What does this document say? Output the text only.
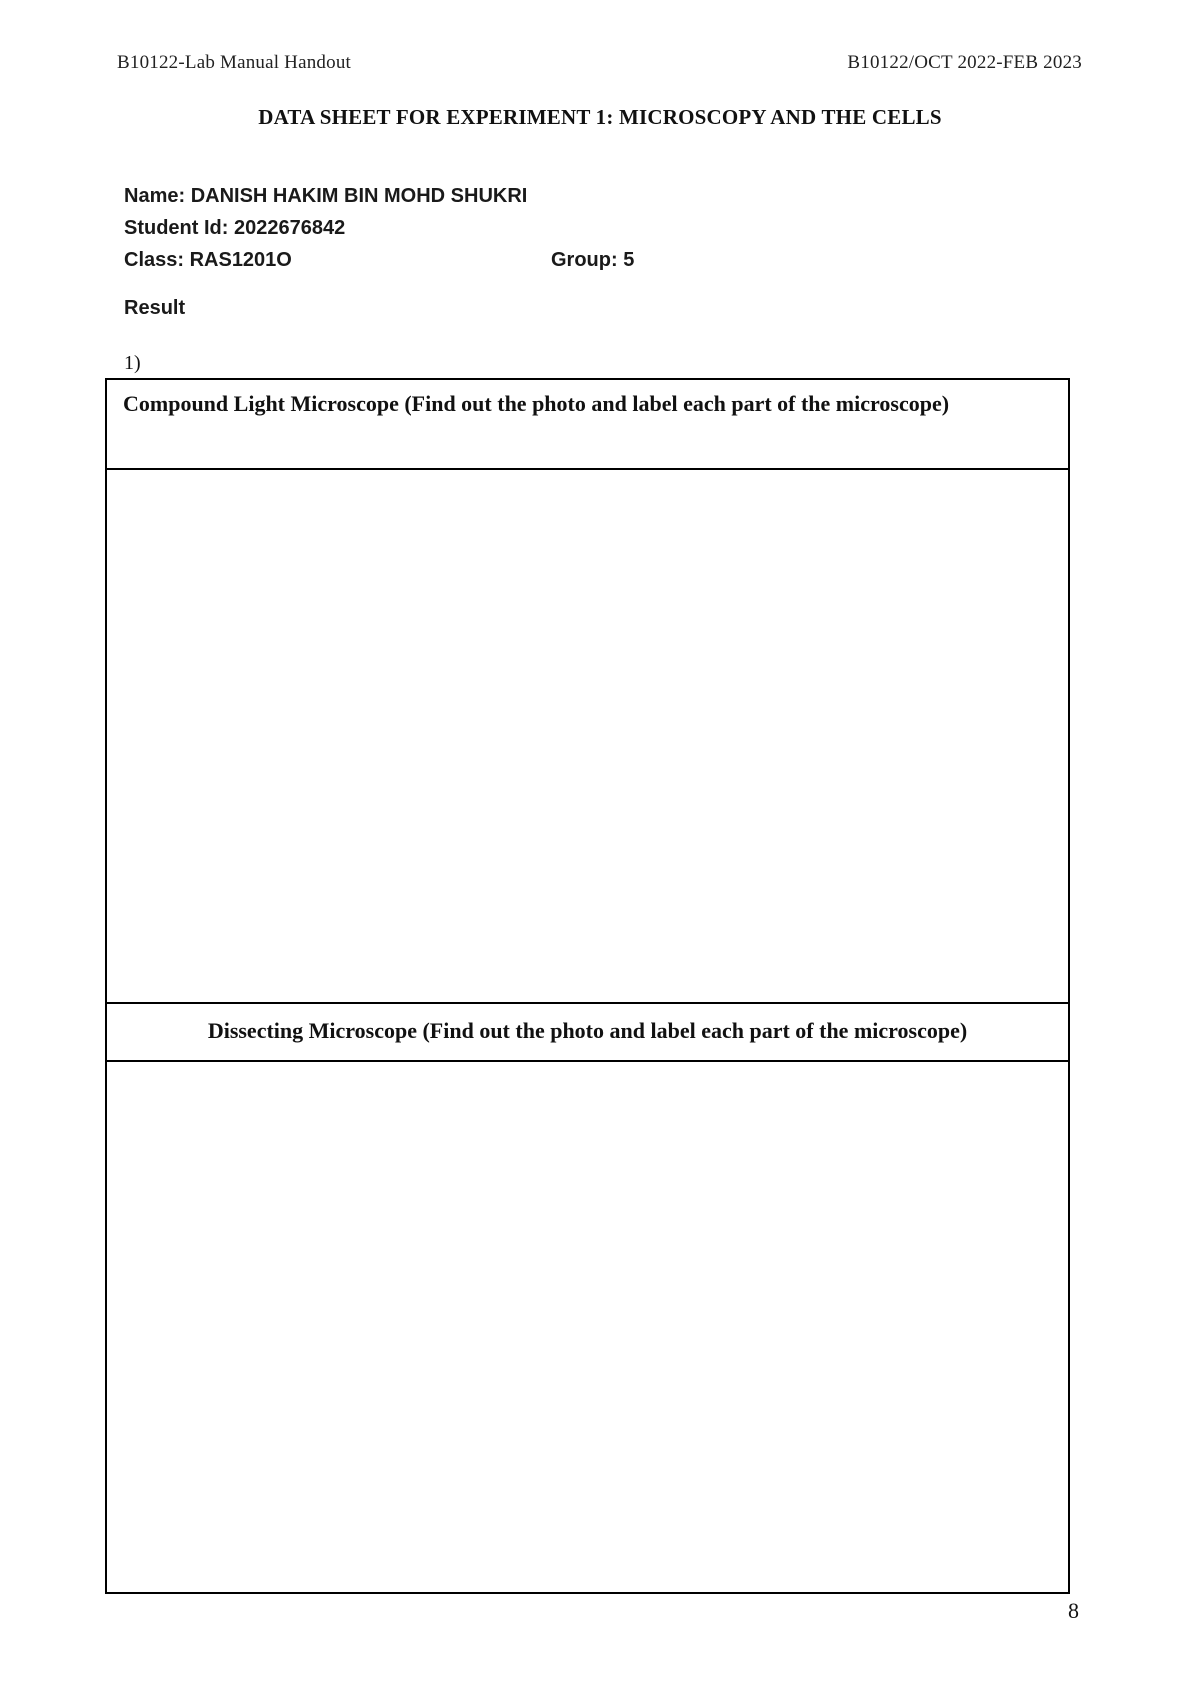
B10122-Lab Manual Handout	B10122/OCT 2022-FEB 2023
DATA SHEET FOR EXPERIMENT 1: MICROSCOPY AND THE CELLS
Name: DANISH HAKIM BIN MOHD SHUKRI
Student Id: 2022676842
Class: RAS1201O	Group: 5
Result
1)
Compound Light Microscope (Find out the photo and label each part of the microscope)
Dissecting Microscope (Find out the photo and label each part of the microscope)
8
